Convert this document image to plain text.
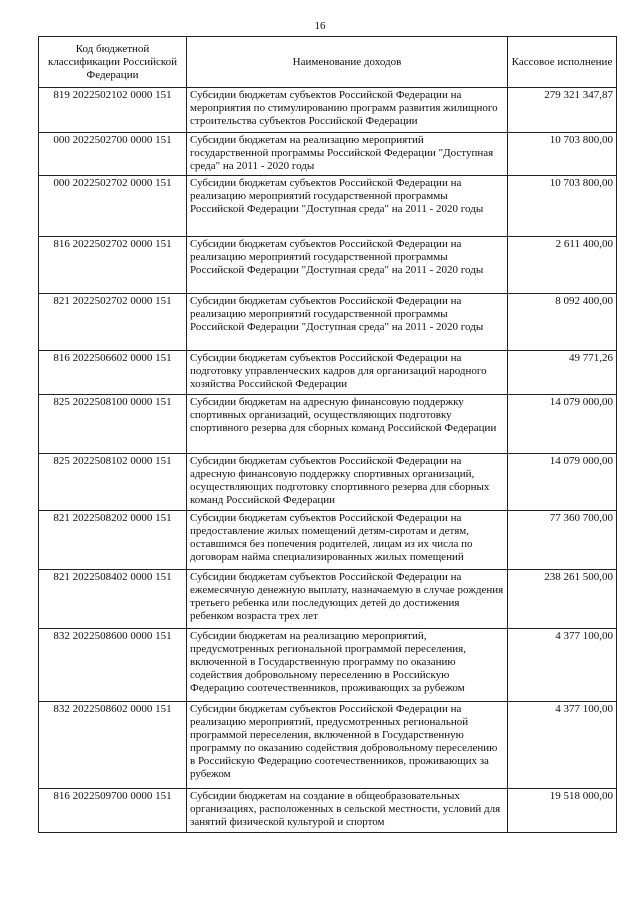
16
Код бюджетной классификации Российской Федерации	Наименование доходов	Кассовое исполнение
819 2022502102 0000 151	Субсидии бюджетам субъектов Российской Федерации на мероприятия по стимулированию программ развития жилищного строительства субъектов Российской Федерации	279 321 347,87
000 2022502700 0000 151	Субсидии бюджетам на реализацию мероприятий государственной программы Российской Федерации "Доступная среда" на 2011 - 2020 годы	10 703 800,00
000 2022502702 0000 151	Субсидии бюджетам субъектов Российской Федерации на реализацию мероприятий государственной программы Российской Федерации "Доступная среда" на 2011 - 2020 годы	10 703 800,00
816 2022502702 0000 151	Субсидии бюджетам субъектов Российской Федерации на реализацию мероприятий государственной программы Российской Федерации "Доступная среда" на 2011 - 2020 годы	2 611 400,00
821 2022502702 0000 151	Субсидии бюджетам субъектов Российской Федерации на реализацию мероприятий государственной программы Российской Федерации "Доступная среда" на 2011 - 2020 годы	8 092 400,00
816 2022506602 0000 151	Субсидии бюджетам субъектов Российской Федерации на подготовку управленческих кадров для организаций народного хозяйства Российской Федерации	49 771,26
825 2022508100 0000 151	Субсидии бюджетам на адресную финансовую поддержку спортивных организаций, осуществляющих подготовку спортивного резерва для сборных команд Российской Федерации	14 079 000,00
825 2022508102 0000 151	Субсидии бюджетам субъектов Российской Федерации на адресную финансовую поддержку спортивных организаций, осуществляющих подготовку спортивного резерва для сборных команд Российской Федерации	14 079 000,00
821 2022508202 0000 151	Субсидии бюджетам субъектов Российской Федерации на предоставление жилых помещений детям-сиротам и детям, оставшимся без попечения родителей, лицам из их числа по договорам найма специализированных жилых помещений	77 360 700,00
821 2022508402 0000 151	Субсидии бюджетам субъектов Российской Федерации на ежемесячную денежную выплату, назначаемую в случае рождения третьего ребенка или последующих детей до достижения ребенком возраста трех лет	238 261 500,00
832 2022508600 0000 151	Субсидии бюджетам на реализацию мероприятий, предусмотренных региональной программой переселения, включенной в Государственную программу по оказанию содействия добровольному переселению в Российскую Федерацию соотечественников, проживающих за рубежом	4 377 100,00
832 2022508602 0000 151	Субсидии бюджетам субъектов Российской Федерации на реализацию мероприятий, предусмотренных региональной программой переселения, включенной в Государственную программу по оказанию содействия добровольному переселению в Российскую Федерацию соотечественников, проживающих за рубежом	4 377 100,00
816 2022509700 0000 151	Субсидии бюджетам на создание в общеобразовательных организациях, расположенных в сельской местности, условий для занятий физической культурой и спортом	19 518 000,00
